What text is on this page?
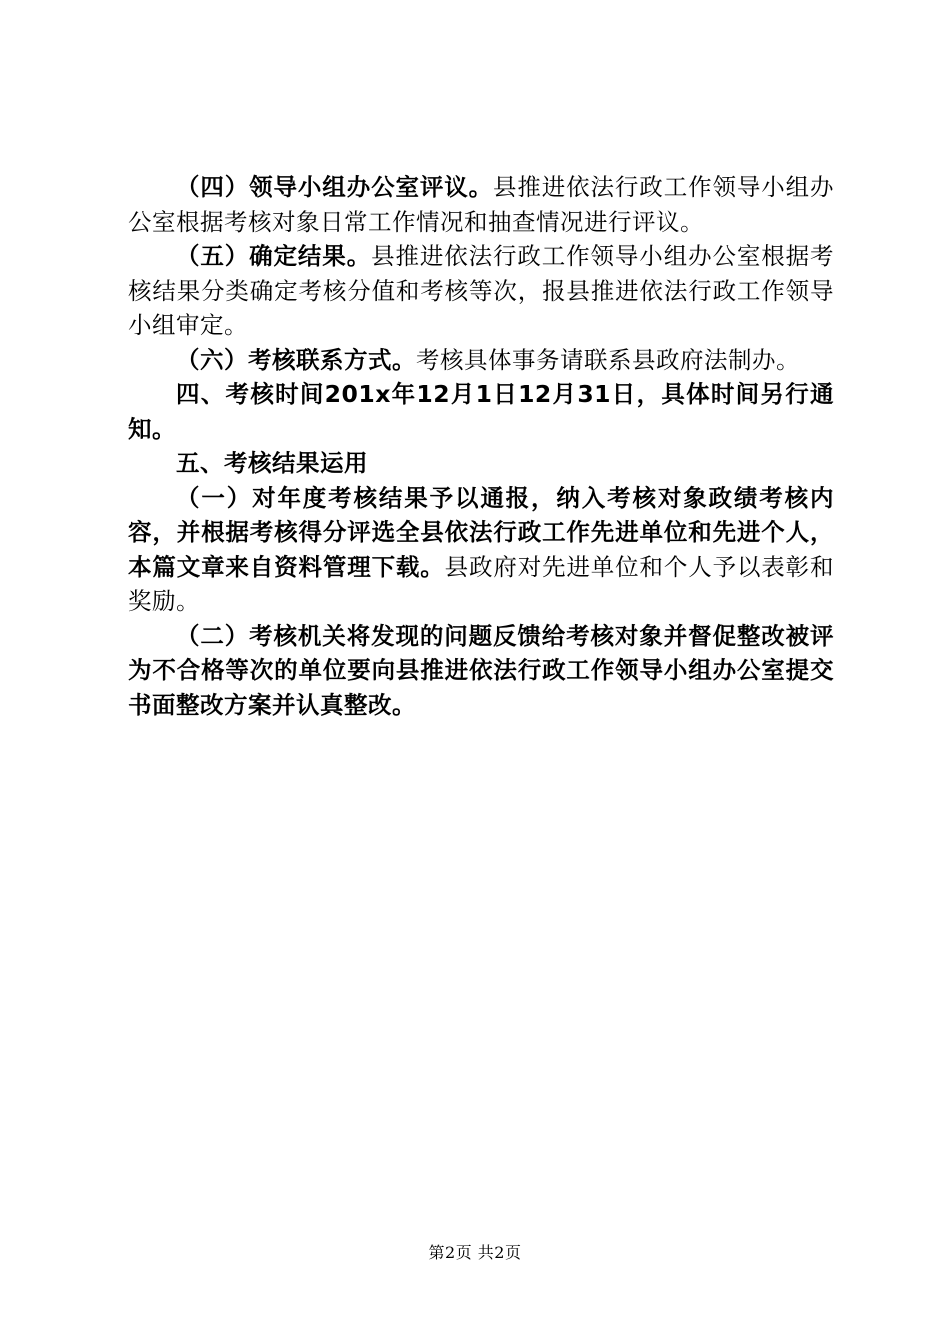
（四）领导小组办公室评议。县推进依法行政工作领导小组办公室根据考核对象日常工作情况和抽查情况进行评议。

（五）确定结果。县推进依法行政工作领导小组办公室根据考核结果分类确定考核分值和考核等次，报县推进依法行政工作领导小组审定。

（六）考核联系方式。考核具体事务请联系县政府法制办。

四、考核时间201x年12月1日12月31日，具体时间另行通知。

五、考核结果运用

（一）对年度考核结果予以通报，纳入考核对象政绩考核内容，并根据考核得分评选全县依法行政工作先进单位和先进个人，本篇文章来自资料管理下载。县政府对先进单位和个人予以表彰和奖励。

（二）考核机关将发现的问题反馈给考核对象并督促整改被评为不合格等次的单位要向县推进依法行政工作领导小组办公室提交书面整改方案并认真整改。

第2页 共2页
